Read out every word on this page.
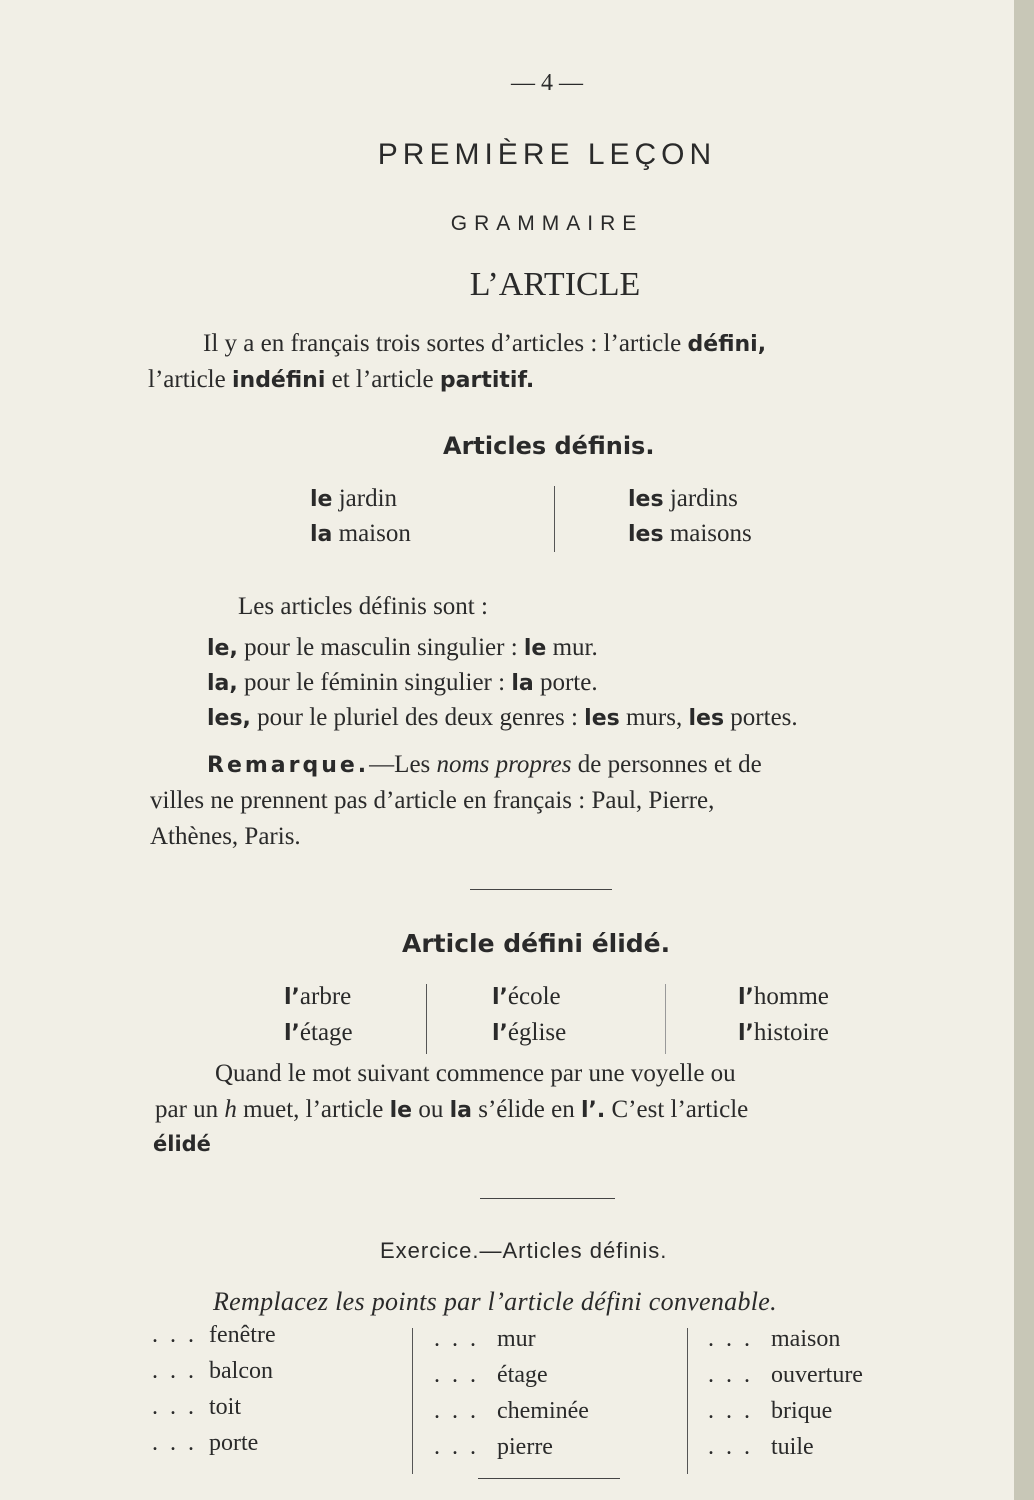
— 4 —
PREMIÈRE LEÇON
GRAMMAIRE
L’ARTICLE
Il y a en français trois sortes d’articles : l’article défini,
l’article indéfini et l’article partitif.
Articles définis.
le jardin
la maison
les jardins
les maisons
Les articles définis sont :
le, pour le masculin singulier : le mur.
la, pour le féminin singulier : la porte.
les, pour le pluriel des deux genres : les murs, les portes.
Remarque.—Les noms propres de personnes et de
villes ne prennent pas d’article en français : Paul, Pierre,
Athènes, Paris.
Article défini élidé.
l’arbre
l’étage
l’école
l’église
l’homme
l’histoire
Quand le mot suivant commence par une voyelle ou
par un h muet, l’article le ou la s’élide en l’. C’est l’article
élidé
Exercice.—Articles définis.
Remplacez les points par l’article défini convenable.
. . . fenêtre
. . . balcon
. . . toit
. . . porte
. . . mur
. . . étage
. . . cheminée
. . . pierre
. . . maison
. . . ouverture
. . . brique
. . . tuile
